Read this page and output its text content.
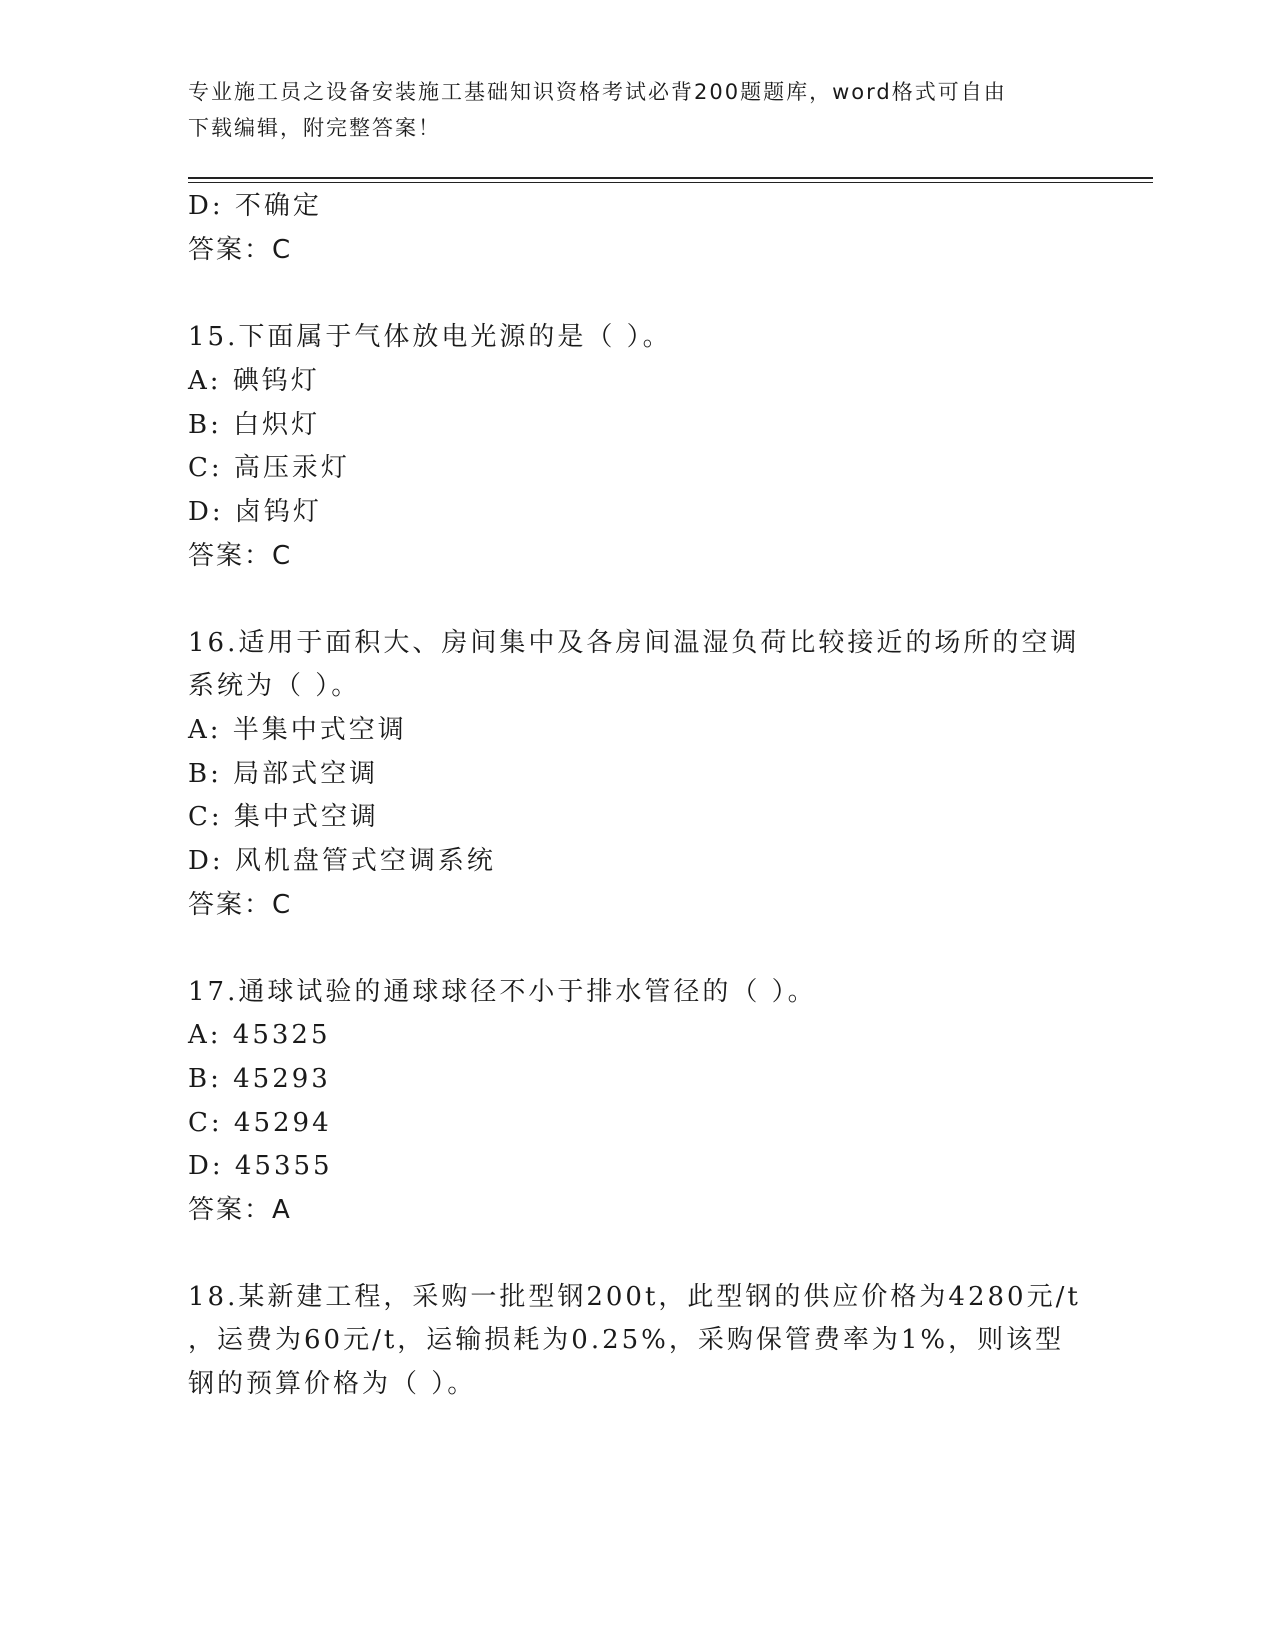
专业施工员之设备安装施工基础知识资格考试必背200题题库，word格式可自由
下载编辑，附完整答案！
D: 不确定
答案：C
15.下面属于气体放电光源的是（ ）。
A: 碘钨灯
B: 白炽灯
C: 高压汞灯
D: 卤钨灯
答案：C
16.适用于面积大、房间集中及各房间温湿负荷比较接近的场所的空调
系统为（ ）。
A: 半集中式空调
B: 局部式空调
C: 集中式空调
D: 风机盘管式空调系统
答案：C
17.通球试验的通球球径不小于排水管径的（ ）。
A: 45325
B: 45293
C: 45294
D: 45355
答案：A
18.某新建工程，采购一批型钢200t，此型钢的供应价格为4280元/t
，运费为60元/t，运输损耗为0.25%，采购保管费率为1%，则该型
钢的预算价格为（ ）。
